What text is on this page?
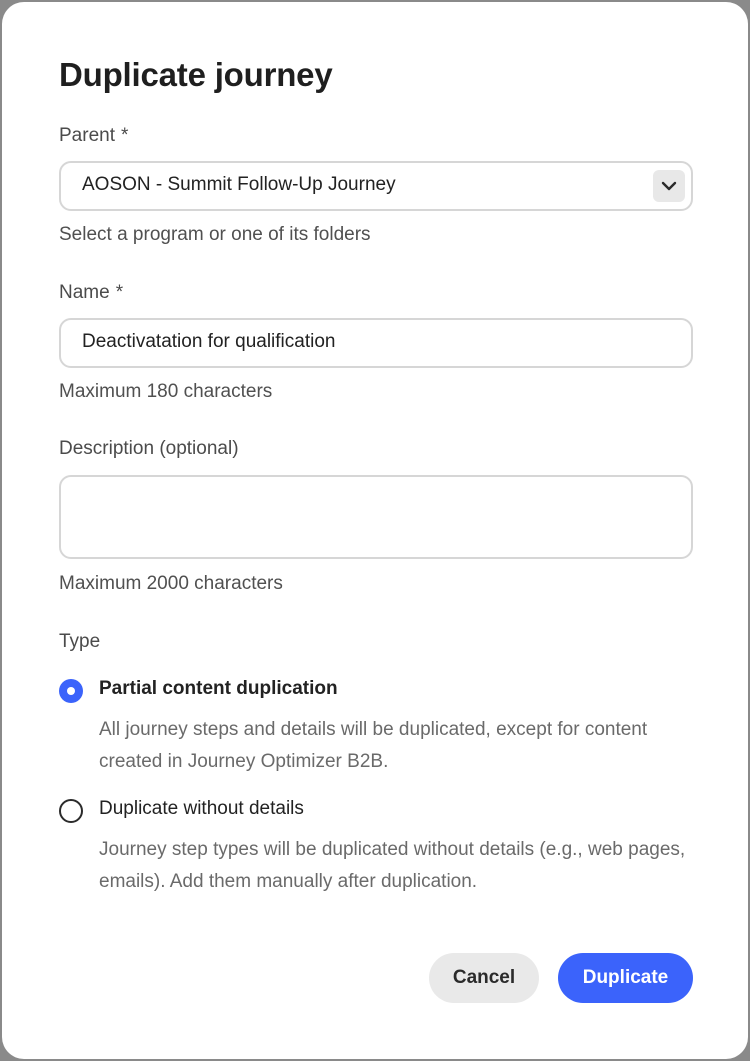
Duplicate journey
Parent *
AOSON - Summit Follow-Up Journey
Select a program or one of its folders
Name *
Deactivatation for qualification
Maximum 180 characters
Description (optional)
Maximum 2000 characters
Type
Partial content duplication
All journey steps and details will be duplicated, except for content created in Journey Optimizer B2B.
Duplicate without details
Journey step types will be duplicated without details (e.g., web pages, emails). Add them manually after duplication.
Cancel	Duplicate
